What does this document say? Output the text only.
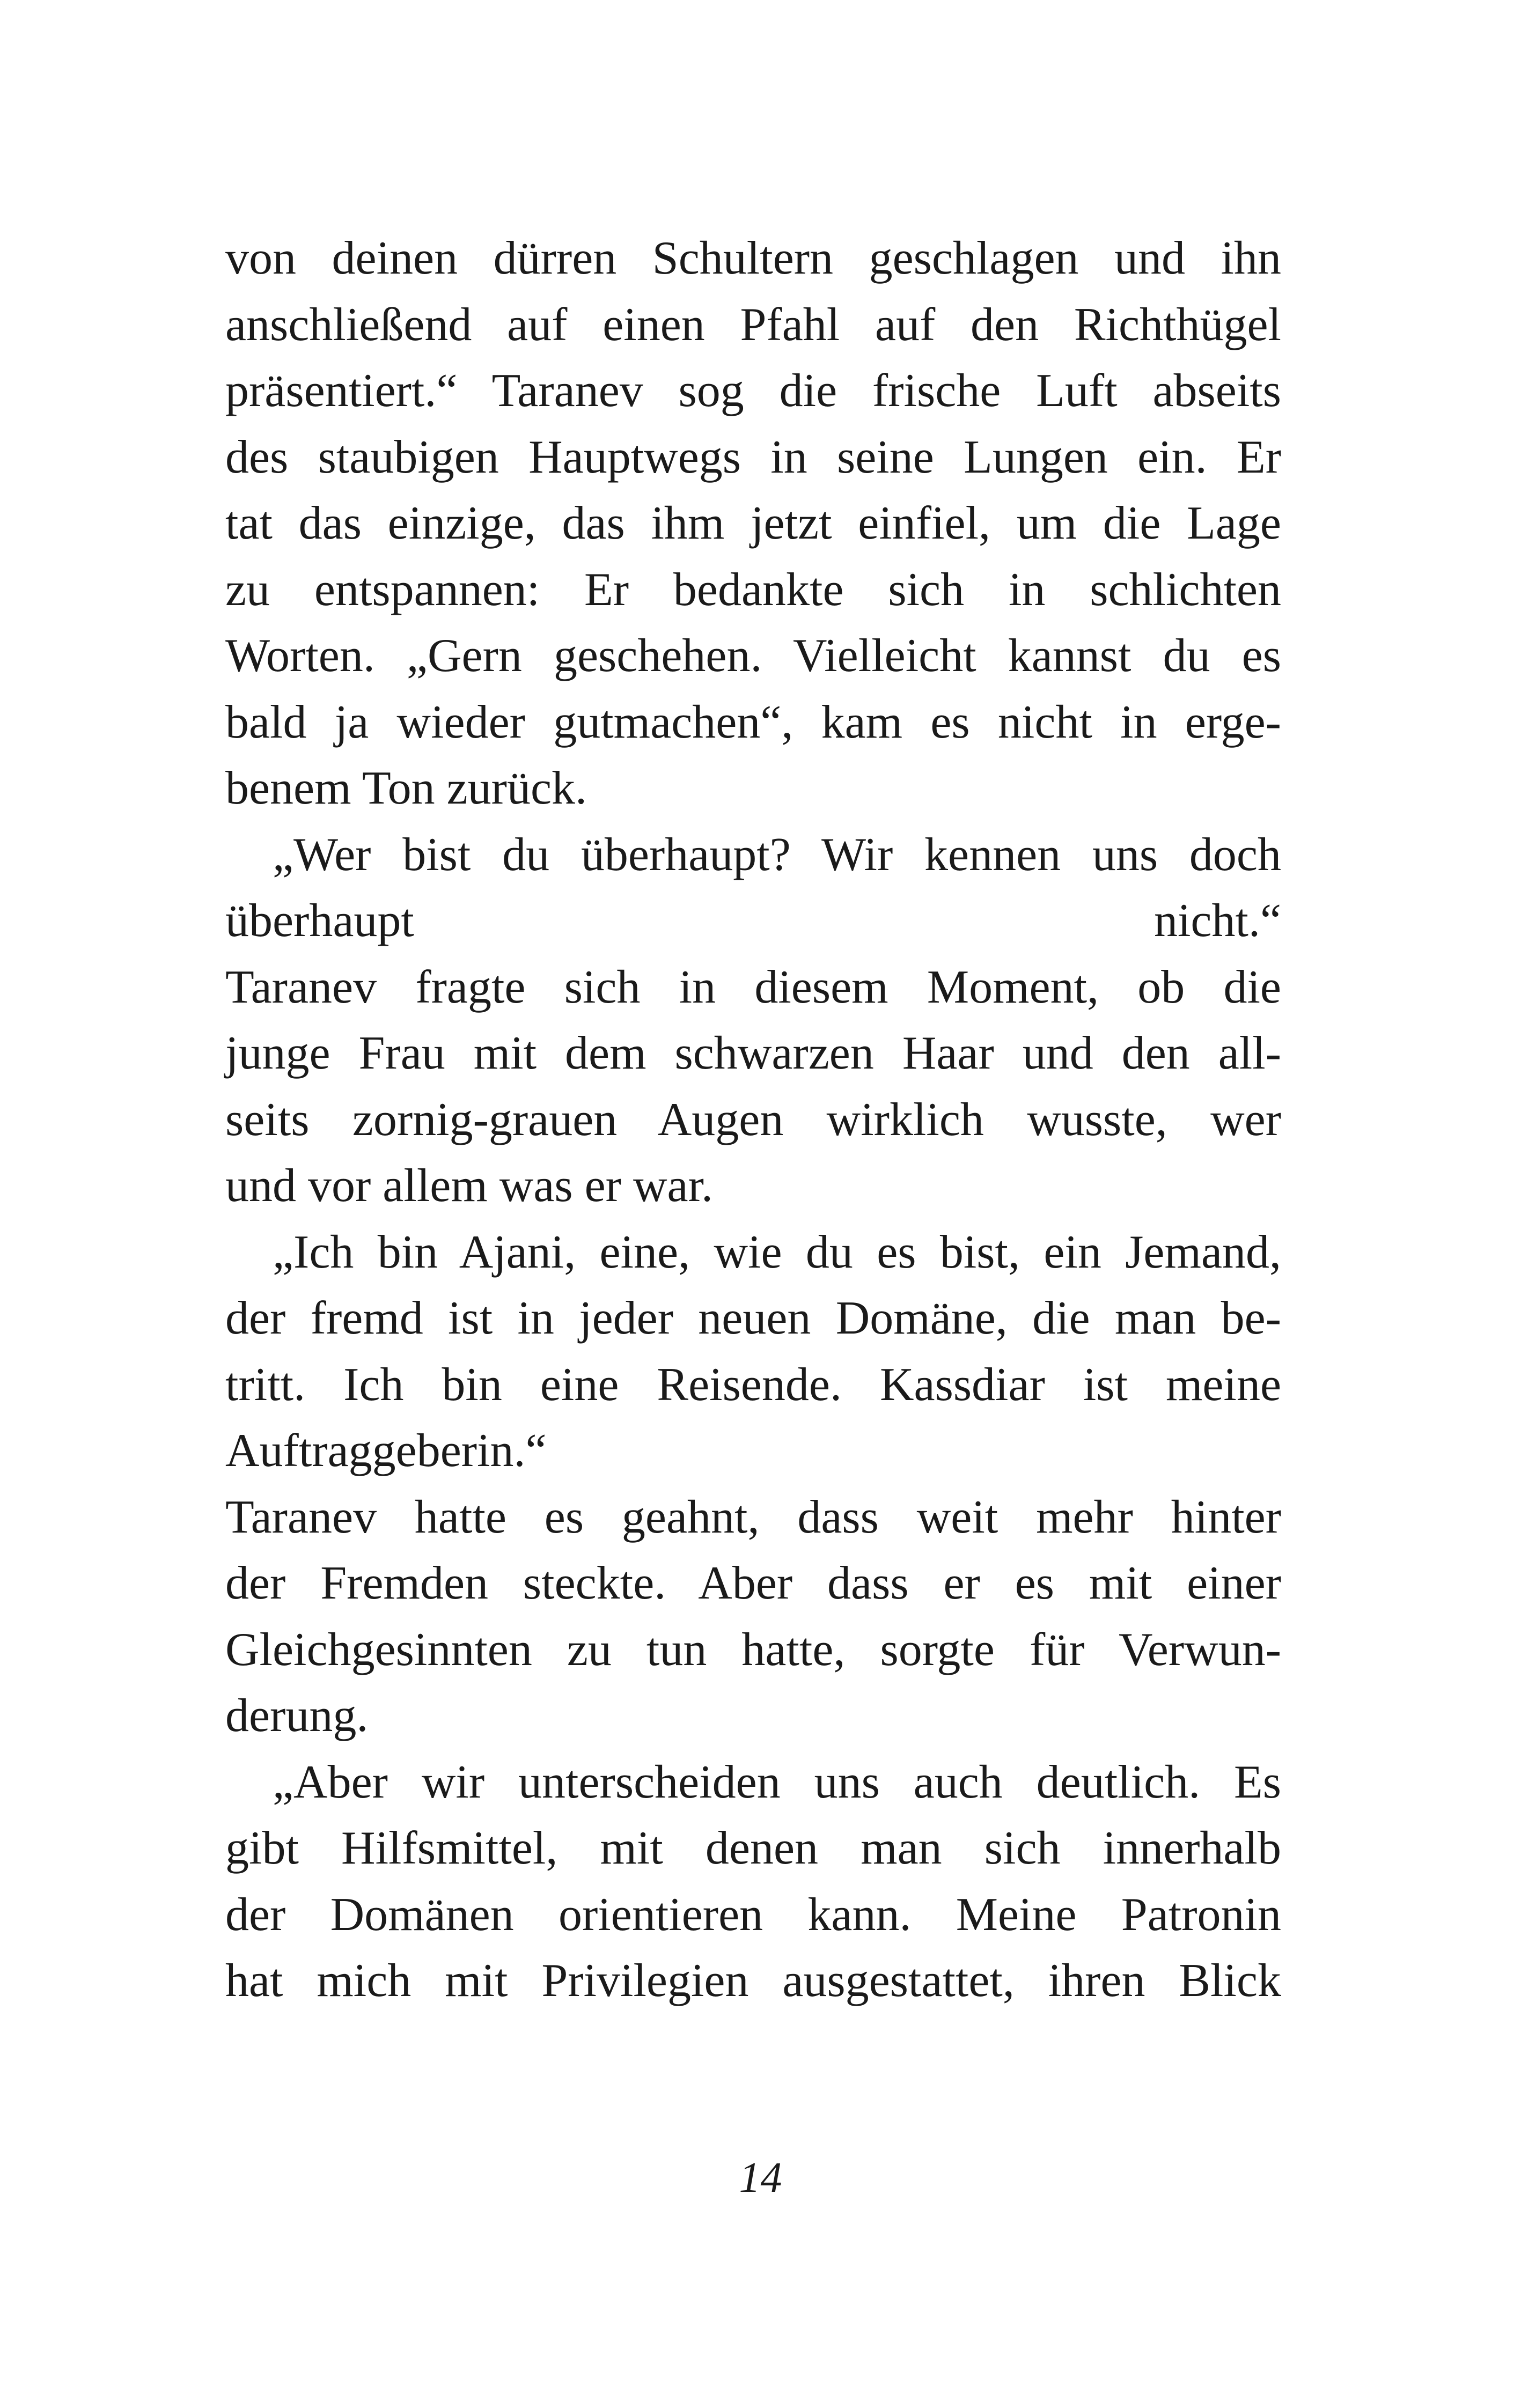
von deinen dürren Schultern geschlagen und ihn
anschließend auf einen Pfahl auf den Richthügel
präsentiert.“ Taranev sog die frische Luft abseits
des staubigen Hauptwegs in seine Lungen ein. Er
tat das einzige, das ihm jetzt einfiel, um die Lage
zu entspannen: Er bedankte sich in schlichten
Worten. „Gern geschehen. Vielleicht kannst du es
bald ja wieder gutmachen“, kam es nicht in erge-
benem Ton zurück.
„Wer bist du überhaupt? Wir kennen uns doch
überhaupt nicht.“
Taranev fragte sich in diesem Moment, ob die
junge Frau mit dem schwarzen Haar und den all-
seits zornig-grauen Augen wirklich wusste, wer
und vor allem was er war.
„Ich bin Ajani, eine, wie du es bist, ein Jemand,
der fremd ist in jeder neuen Domäne, die man be-
tritt. Ich bin eine Reisende. Kassdiar ist meine
Auftraggeberin.“
Taranev hatte es geahnt, dass weit mehr hinter
der Fremden steckte. Aber dass er es mit einer
Gleichgesinnten zu tun hatte, sorgte für Verwun-
derung.
„Aber wir unterscheiden uns auch deutlich. Es
gibt Hilfsmittel, mit denen man sich innerhalb
der Domänen orientieren kann. Meine Patronin
hat mich mit Privilegien ausgestattet, ihren Blick
14
